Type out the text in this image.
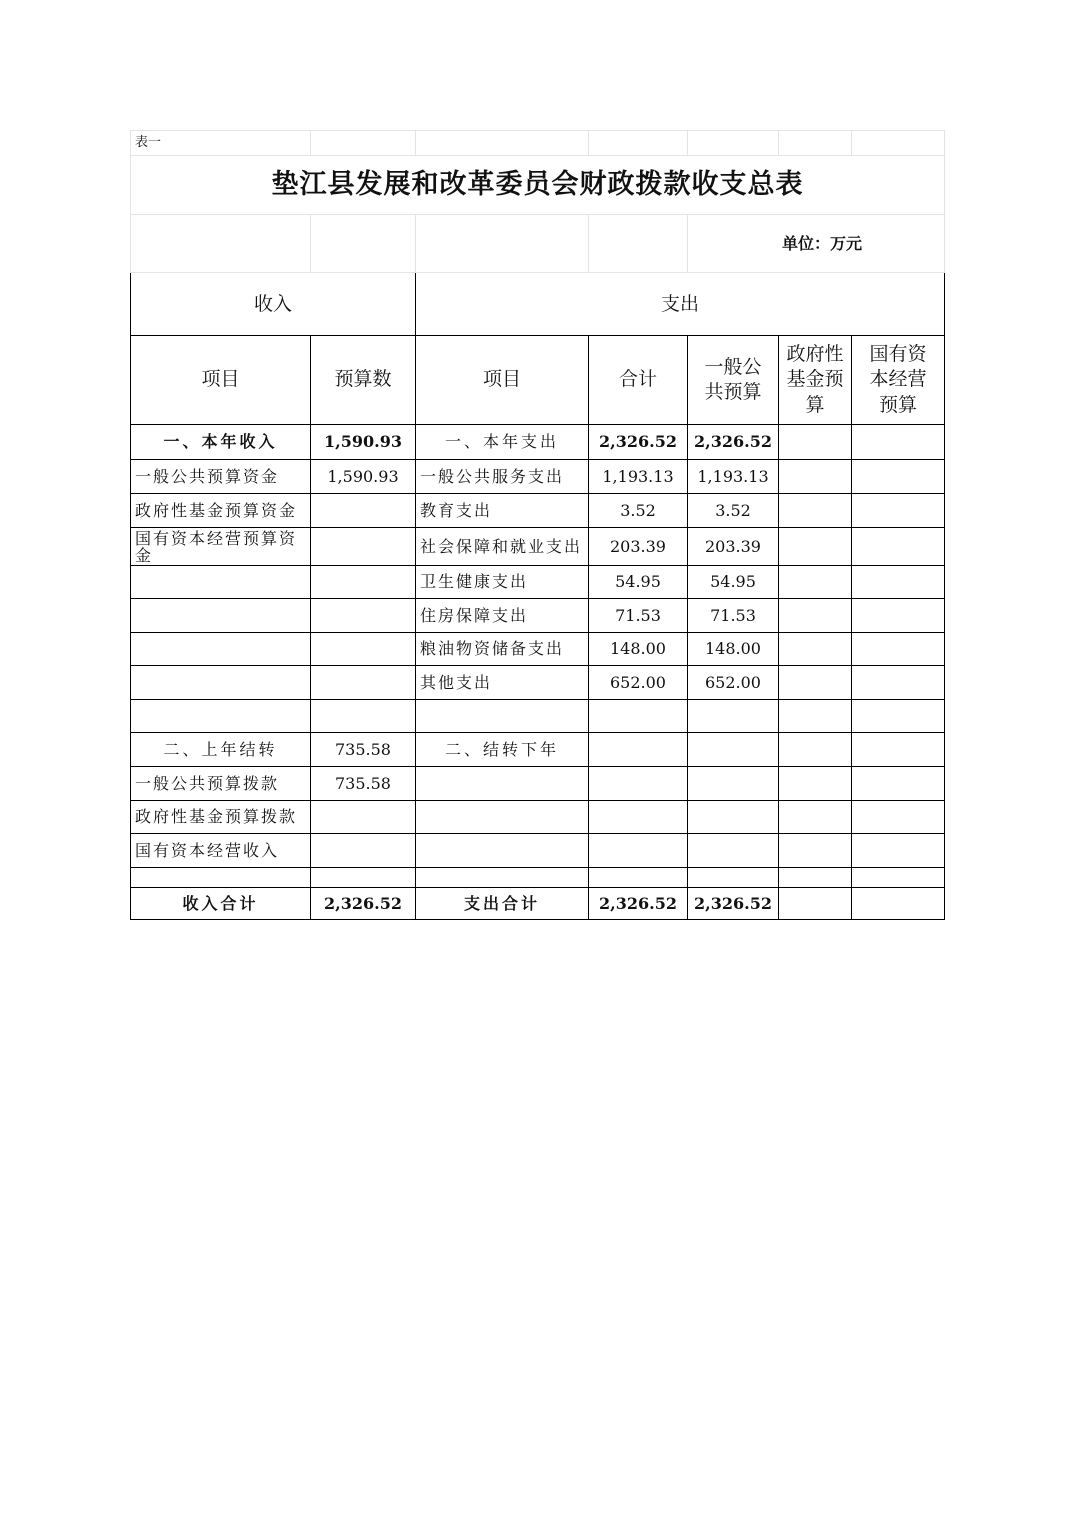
表一						
垫江县发展和改革委员会财政拨款收支总表						
				单位：万元		
收入		支出				
项目	预算数	项目	合计	一般公共预算	政府性基金预算	国有资本经营预算
一、本年收入	1,590.93	一、本年支出	2,326.52	2,326.52		
一般公共预算资金	1,590.93	一般公共服务支出	1,193.13	1,193.13		
政府性基金预算资金		教育支出	3.52	3.52		
国有资本经营预算资金		社会保障和就业支出	203.39	203.39		
		卫生健康支出	54.95	54.95		
		住房保障支出	71.53	71.53		
		粮油物资储备支出	148.00	148.00		
		其他支出	652.00	652.00		

二、上年结转	735.58	二、结转下年				
一般公共预算拨款	735.58					
政府性基金预算拨款						
国有资本经营收入						

收入合计	2,326.52	支出合计	2,326.52	2,326.52		
